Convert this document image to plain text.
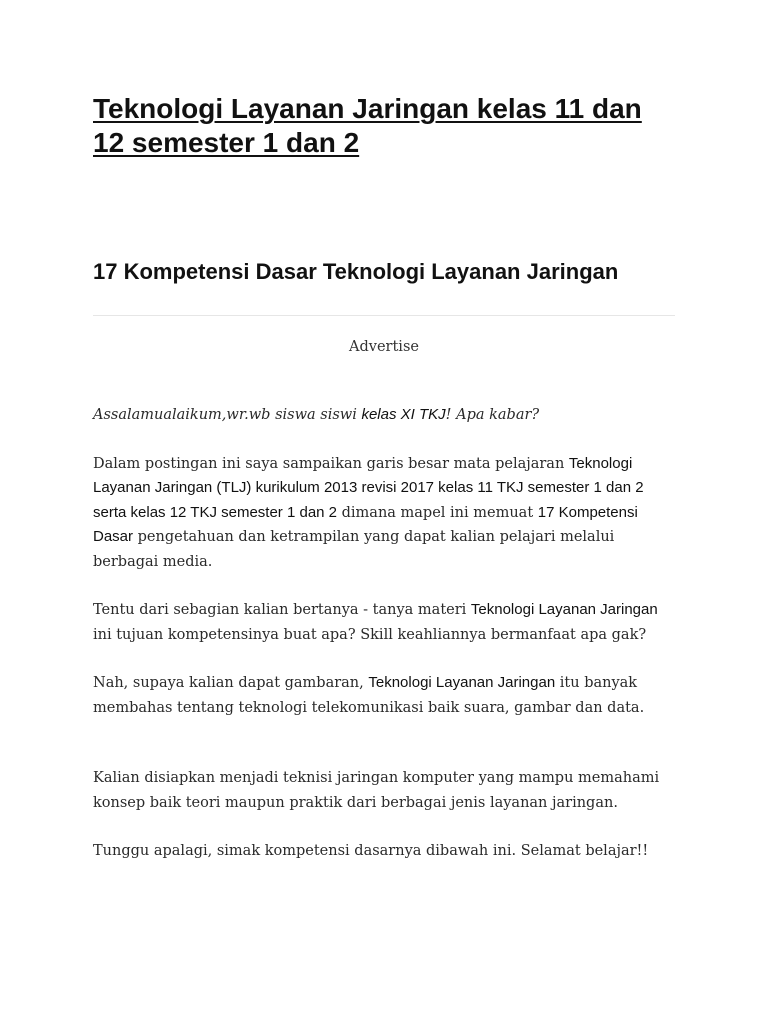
Teknologi Layanan Jaringan kelas 11 dan 12 semester 1 dan 2
17 Kompetensi Dasar Teknologi Layanan Jaringan
Advertise

Assalamualaikum,wr.wb siswa siswi kelas XI TKJ! Apa kabar?

Dalam postingan ini saya sampaikan garis besar mata pelajaran Teknologi Layanan Jaringan (TLJ) kurikulum 2013 revisi 2017 kelas 11 TKJ semester 1 dan 2 serta kelas 12 TKJ semester 1 dan 2 dimana mapel ini memuat 17 Kompetensi Dasar pengetahuan dan ketrampilan yang dapat kalian pelajari melalui berbagai media.

Tentu dari sebagian kalian bertanya - tanya materi Teknologi Layanan Jaringan ini tujuan kompetensinya buat apa? Skill keahliannya bermanfaat apa gak?

Nah, supaya kalian dapat gambaran, Teknologi Layanan Jaringan itu banyak membahas tentang teknologi telekomunikasi baik suara, gambar dan data.

Kalian disiapkan menjadi teknisi jaringan komputer yang mampu memahami konsep baik teori maupun praktik dari berbagai jenis layanan jaringan.

Tunggu apalagi, simak kompetensi dasarnya dibawah ini. Selamat belajar!!
